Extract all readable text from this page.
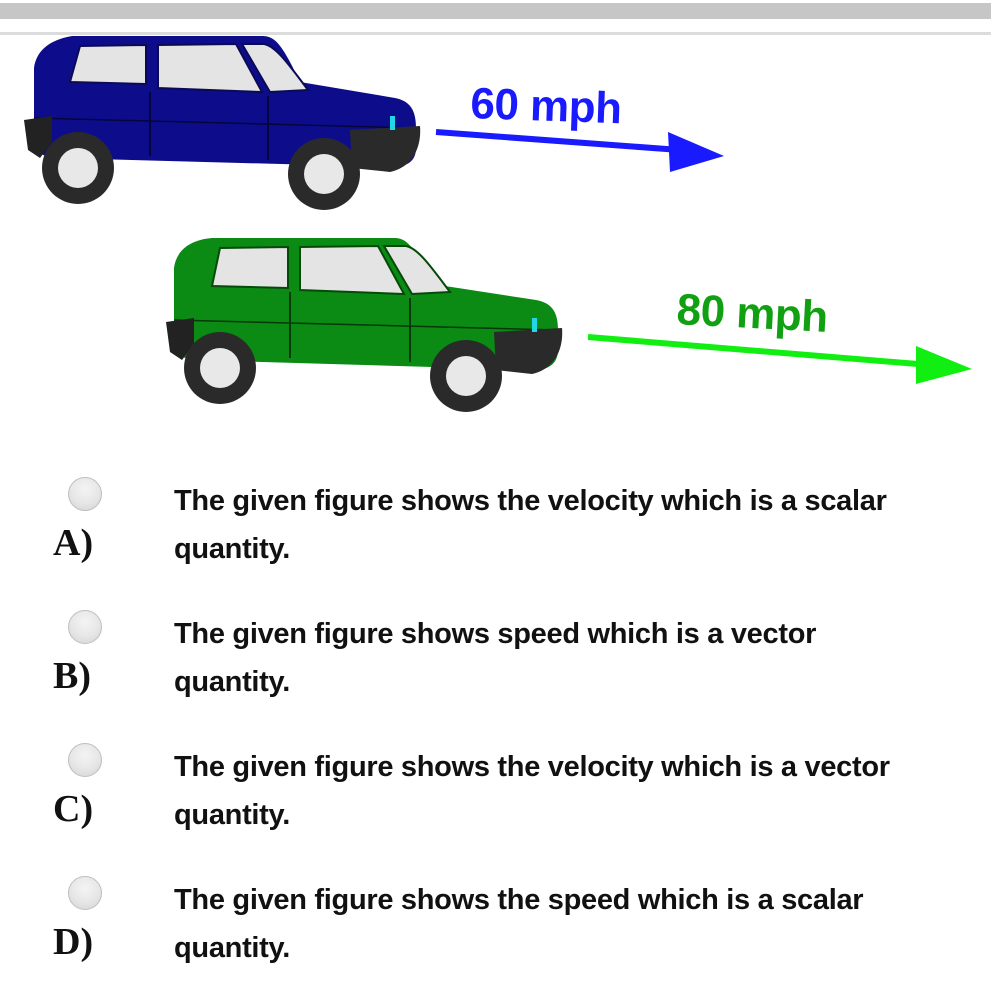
60 mph
80 mph
A)
The given figure shows the velocity which is a scalar
quantity.
B)
The given figure shows speed which is a vector
quantity.
C)
The given figure shows the velocity which is a vector
quantity.
D)
The given figure shows the speed which is a scalar
quantity.
